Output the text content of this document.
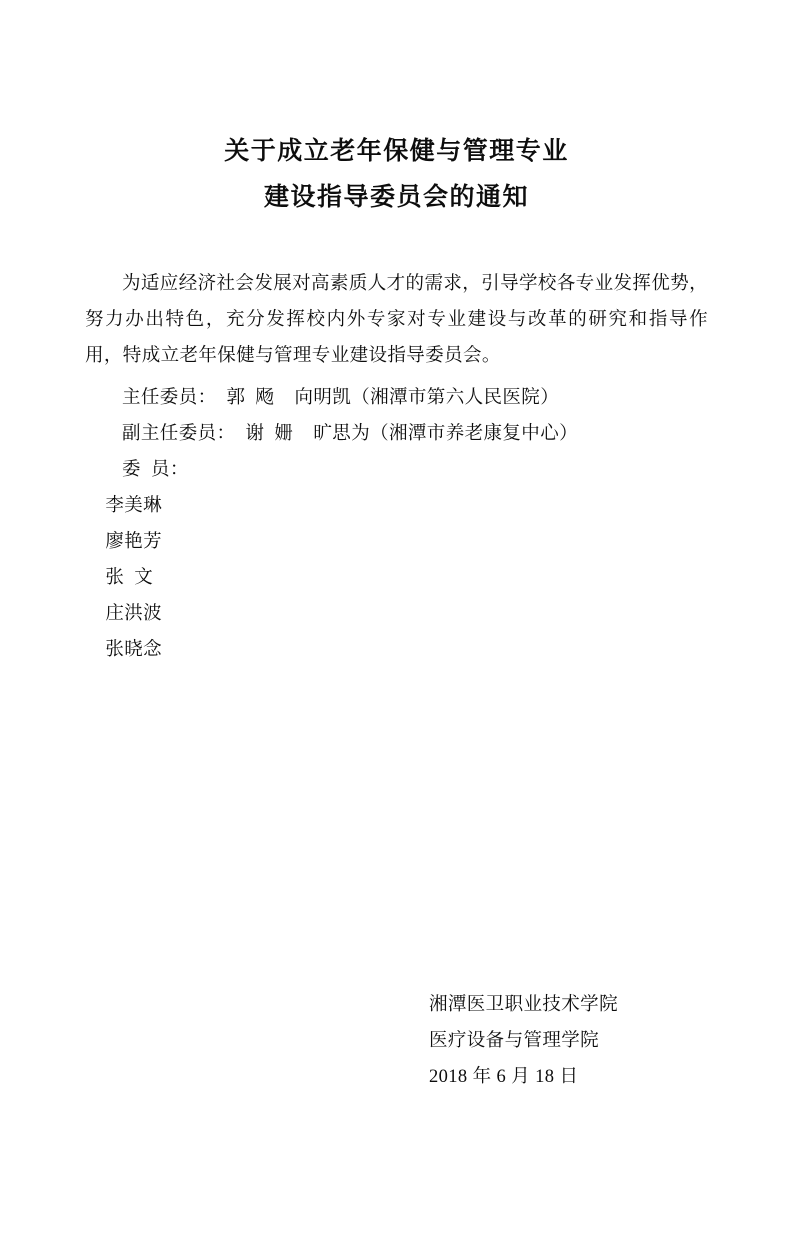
关于成立老年保健与管理专业
建设指导委员会的通知
为适应经济社会发展对高素质人才的需求，引导学校各专业发挥优势，努力办出特色，充分发挥校内外专家对专业建设与改革的研究和指导作用，特成立老年保健与管理专业建设指导委员会。
主任委员：  郭  飏    向明凯（湘潭市第六人民医院）
副主任委员：  谢  姗    旷思为（湘潭市养老康复中心）
委  员：
李美琳
廖艳芳
张  文
庄洪波
张晓念
湘潭医卫职业技术学院
医疗设备与管理学院
2018 年 6 月 18 日
